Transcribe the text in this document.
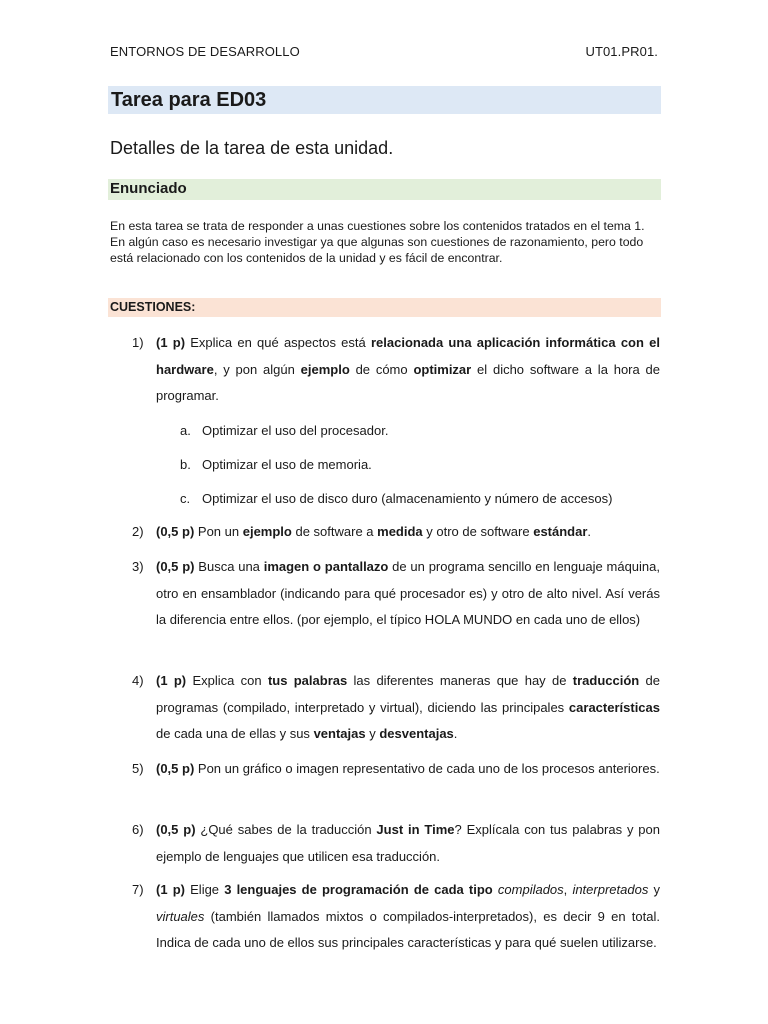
ENTORNOS DE DESARROLLO	UT01.PR01.
Tarea para ED03
Detalles de la tarea de esta unidad.
Enunciado

En esta tarea se trata de responder a unas cuestiones sobre los contenidos tratados en el tema 1.

En algún caso es necesario investigar ya que algunas son cuestiones de razonamiento, pero todo está relacionado con los contenidos de la unidad y es fácil de encontrar.

CUESTIONES:
1) (1 p) Explica en qué aspectos está relacionada una aplicación informática con el hardware, y pon algún ejemplo de cómo optimizar el dicho software a la hora de programar.
a. Optimizar el uso del procesador.
b. Optimizar el uso de memoria.
c. Optimizar el uso de disco duro (almacenamiento y número de accesos)
2) (0,5 p) Pon un ejemplo de software a medida y otro de software estándar.
3) (0,5 p) Busca una imagen o pantallazo de un programa sencillo en lenguaje máquina, otro en ensamblador (indicando para qué procesador es) y otro de alto nivel. Así verás la diferencia entre ellos. (por ejemplo, el típico HOLA MUNDO en cada uno de ellos)
4) (1 p) Explica con tus palabras las diferentes maneras que hay de traducción de programas (compilado, interpretado y virtual), diciendo las principales características de cada una de ellas y sus ventajas y desventajas.
5) (0,5 p) Pon un gráfico o imagen representativo de cada uno de los procesos anteriores.
6) (0,5 p) ¿Qué sabes de la traducción Just in Time? Explícala con tus palabras y pon ejemplo de lenguajes que utilicen esa traducción.
7) (1 p) Elige 3 lenguajes de programación de cada tipo compilados, interpretados y virtuales (también llamados mixtos o compilados-interpretados), es decir 9 en total. Indica de cada uno de ellos sus principales características y para qué suelen utilizarse.
